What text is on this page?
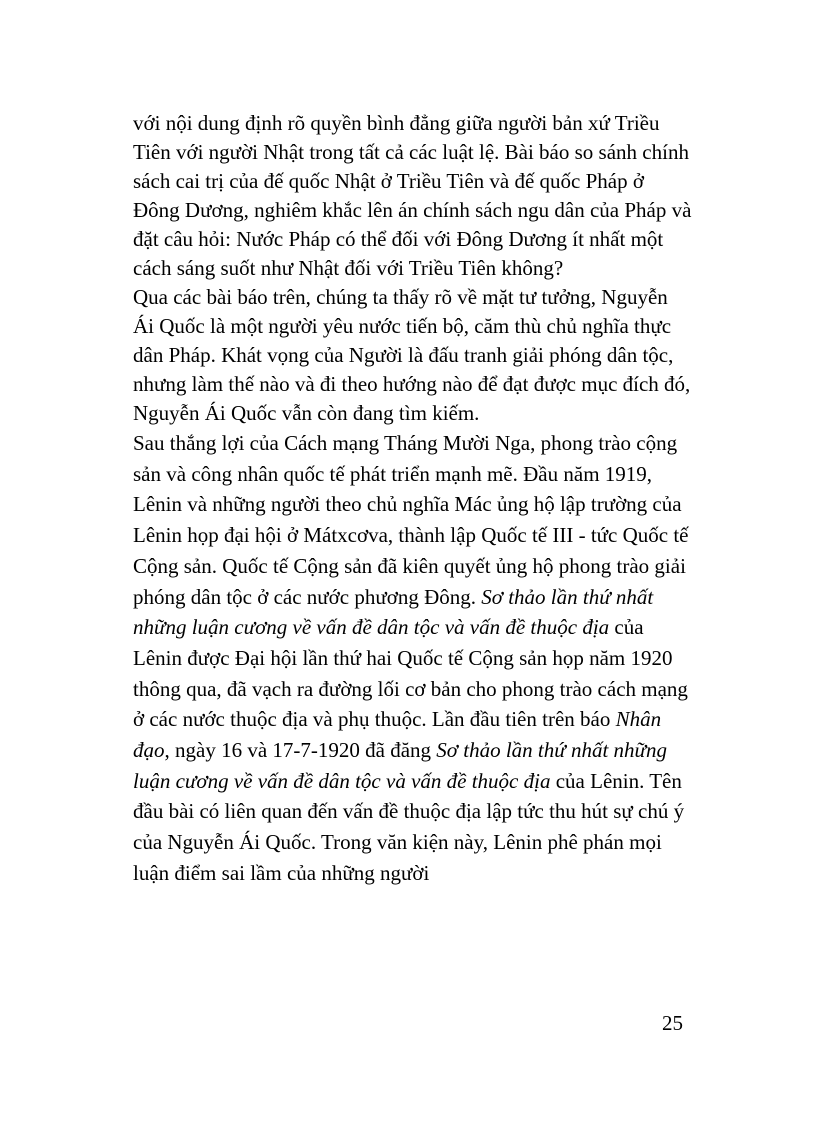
với nội dung định rõ quyền bình đẳng giữa người bản xứ Triều Tiên với người Nhật trong tất cả các luật lệ. Bài báo so sánh chính sách cai trị của đế quốc Nhật ở Triều Tiên và đế quốc Pháp ở Đông Dương, nghiêm khắc lên án chính sách ngu dân của Pháp và đặt câu hỏi: Nước Pháp có thể đối với Đông Dương ít nhất một cách sáng suốt như Nhật đối với Triều Tiên không?

Qua các bài báo trên, chúng ta thấy rõ về mặt tư tưởng, Nguyễn Ái Quốc là một người yêu nước tiến bộ, căm thù chủ nghĩa thực dân Pháp. Khát vọng của Người là đấu tranh giải phóng dân tộc, nhưng làm thế nào và đi theo hướng nào để đạt được mục đích đó, Nguyễn Ái Quốc vẫn còn đang tìm kiếm.

Sau thắng lợi của Cách mạng Tháng Mười Nga, phong trào cộng sản và công nhân quốc tế phát triển mạnh mẽ. Đầu năm 1919, Lênin và những người theo chủ nghĩa Mác ủng hộ lập trường của Lênin họp đại hội ở Mátxcơva, thành lập Quốc tế III - tức Quốc tế Cộng sản. Quốc tế Cộng sản đã kiên quyết ủng hộ phong trào giải phóng dân tộc ở các nước phương Đông. Sơ thảo lần thứ nhất những luận cương về vấn đề dân tộc và vấn đề thuộc địa của Lênin được Đại hội lần thứ hai Quốc tế Cộng sản họp năm 1920 thông qua, đã vạch ra đường lối cơ bản cho phong trào cách mạng ở các nước thuộc địa và phụ thuộc. Lần đầu tiên trên báo Nhân đạo, ngày 16 và 17-7-1920 đã đăng Sơ thảo lần thứ nhất những luận cương về vấn đề dân tộc và vấn đề thuộc địa của Lênin. Tên đầu bài có liên quan đến vấn đề thuộc địa lập tức thu hút sự chú ý của Nguyễn Ái Quốc. Trong văn kiện này, Lênin phê phán mọi luận điểm sai lầm của những người

25
